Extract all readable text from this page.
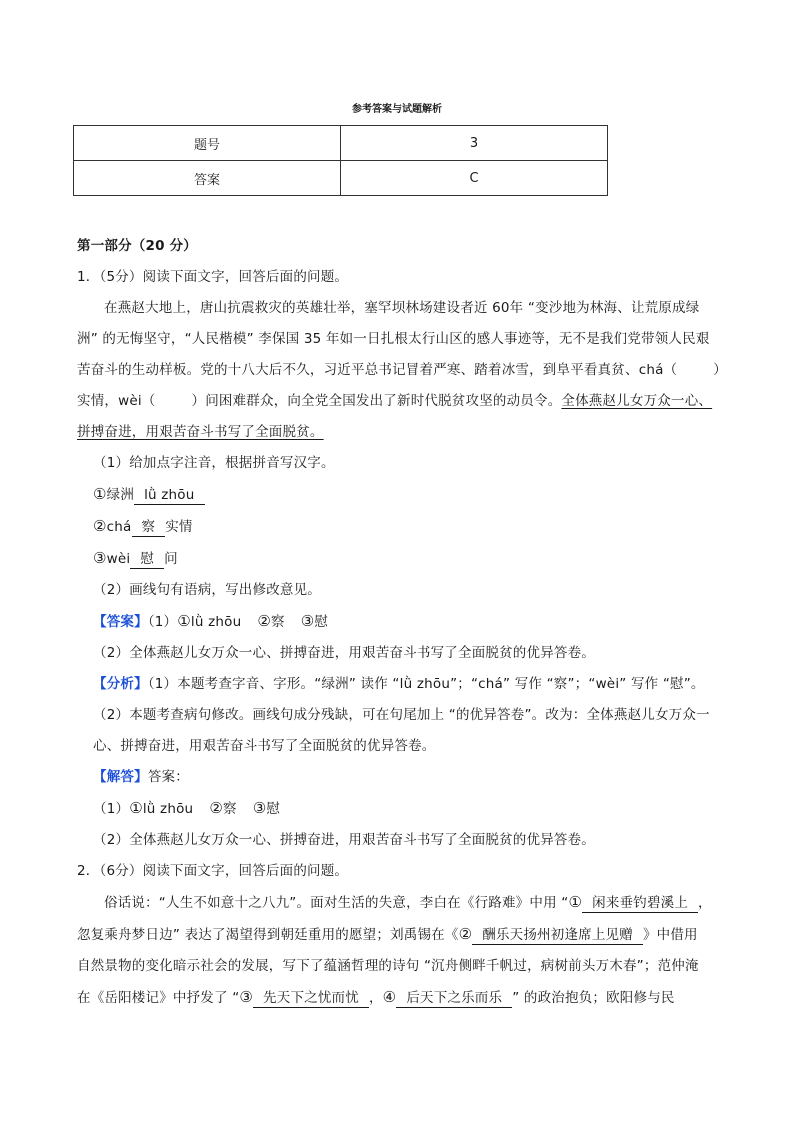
参考答案与试题解析
题号	3
答案	C

第一部分（20 分）

1．（5分）阅读下面文字，回答后面的问题。

在燕赵大地上，唐山抗震救灾的英雄壮举，塞罕坝林场建设者近 60年 “变沙地为林海、让荒原成绿

洲” 的无悔坚守，“人民楷模” 李保国 35 年如一日扎根太行山区的感人事迹等，无不是我们党带领人民艰

苦奋斗的生动样板。党的十八大后不久，习近平总书记冒着严寒、踏着冰雪，到阜平看真贫、chá（	）

实情，wèi（	）问困难群众，向全党全国发出了新时代脱贫攻坚的动员令。全体燕赵儿女万众一心、

拼搏奋进，用艰苦奋斗书写了全面脱贫。

（1）给加点字注音，根据拼音写汉字。

①绿洲 lǜ zhōu

②chá 察 实情

③wèi 慰 问

（2）画线句有语病，写出修改意见。

【答案】（1）①lǜ zhōu ②察 ③慰

（2）全体燕赵儿女万众一心、拼搏奋进，用艰苦奋斗书写了全面脱贫的优异答卷。

【分析】（1）本题考查字音、字形。“绿洲” 读作 “lǜ zhōu”；“chá” 写作 “察”；“wèi” 写作 “慰”。

（2）本题考查病句修改。画线句成分残缺，可在句尾加上 “的优异答卷”。改为：全体燕赵儿女万众一

心、拼搏奋进，用艰苦奋斗书写了全面脱贫的优异答卷。

【解答】答案：

（1）①lǜ zhōu ②察 ③慰

（2）全体燕赵儿女万众一心、拼搏奋进，用艰苦奋斗书写了全面脱贫的优异答卷。

2．（6分）阅读下面文字，回答后面的问题。

俗话说：“人生不如意十之八九”。面对生活的失意，李白在《行路难》中用 “① 闲来垂钓碧溪上 ，

忽复乘舟梦日边” 表达了渴望得到朝廷重用的愿望；刘禹锡在《② 酬乐天扬州初逢席上见赠 》中借用

自然景物的变化暗示社会的发展，写下了蕴涵哲理的诗句 “沉舟侧畔千帆过，病树前头万木春”；范仲淹

在《岳阳楼记》中抒发了 “③ 先天下之忧而忧 ，④ 后天下之乐而乐 ” 的政治抱负；欧阳修与民
